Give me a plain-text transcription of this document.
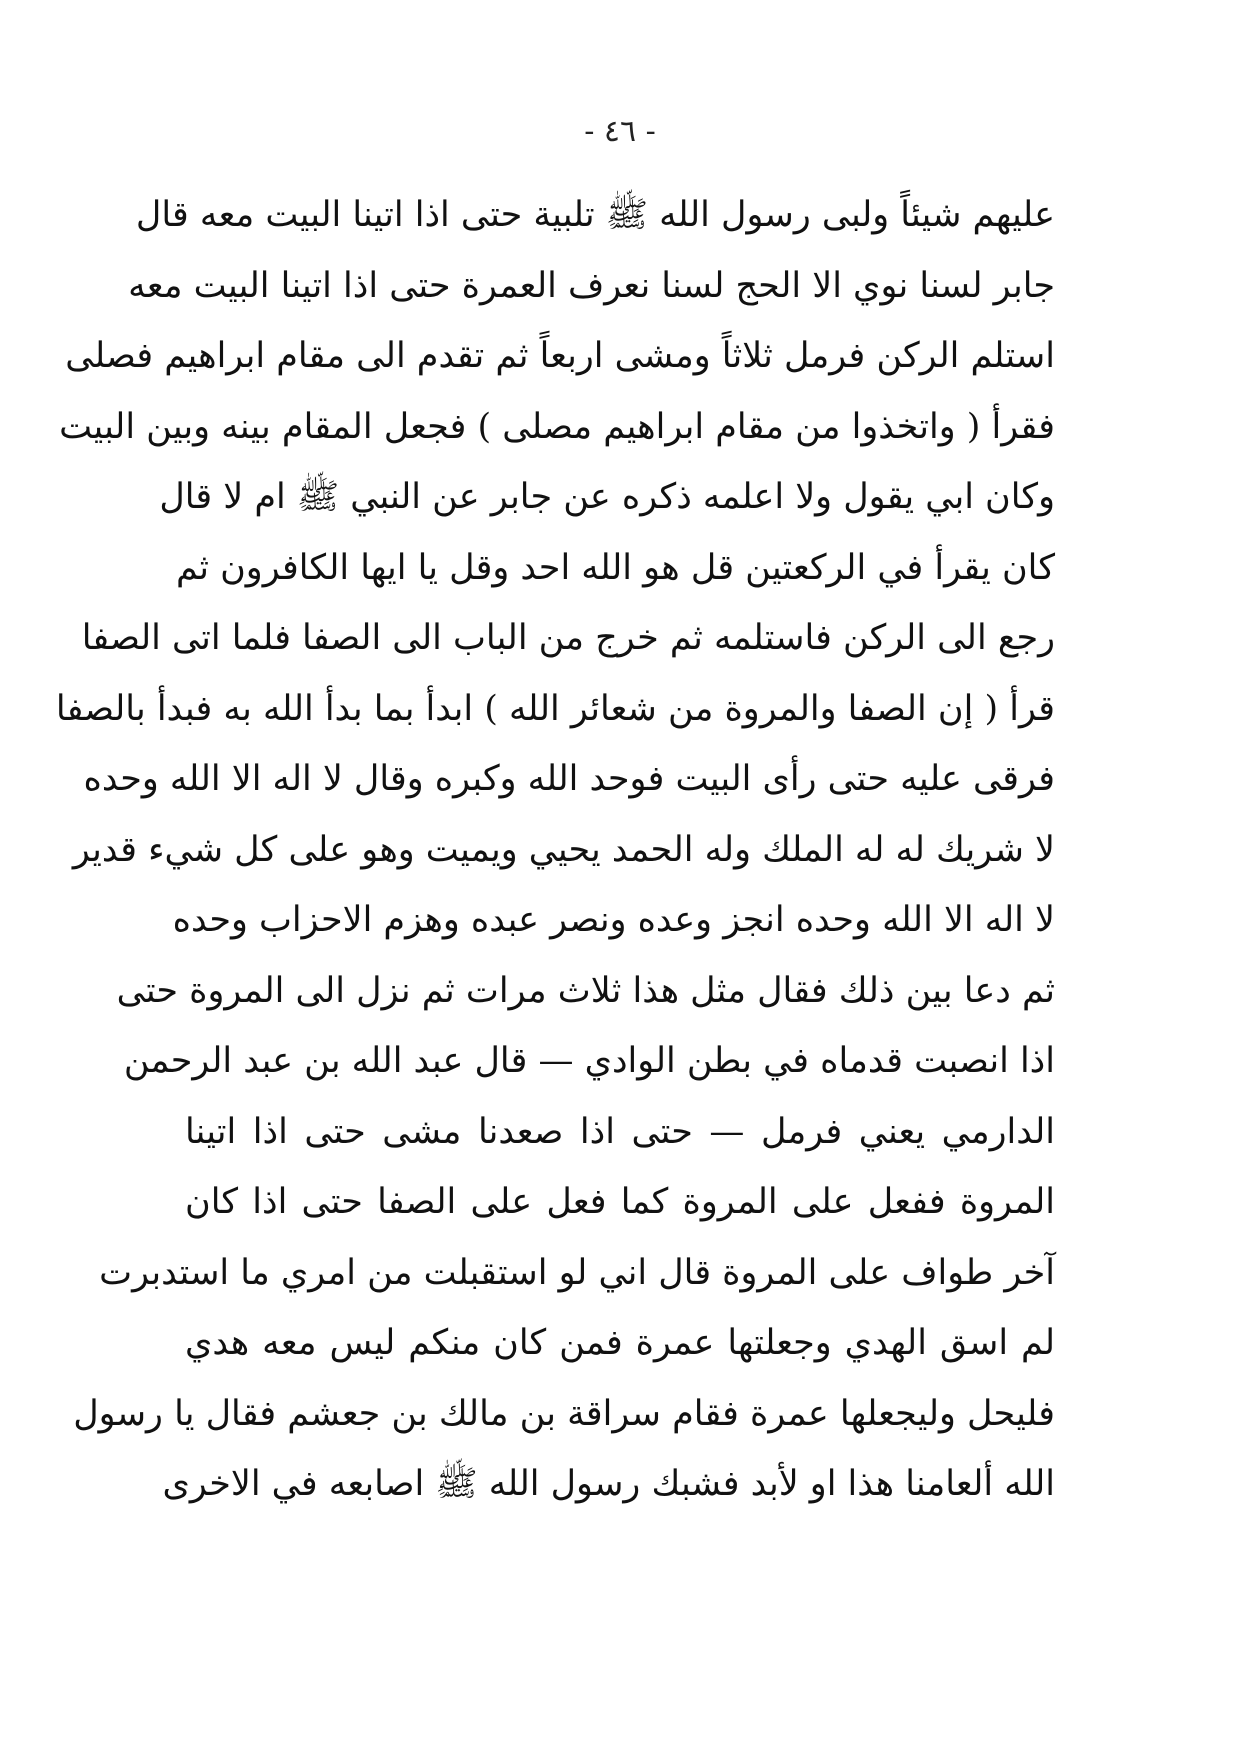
- ٤٦ -
عليهم شيئاً ولبى رسول الله ﷺ تلبية حتى اذا اتينا البيت معه قال
جابر لسنا نوي الا الحج لسنا نعرف العمرة حتى اذا اتينا البيت معه
استلم الركن فرمل ثلاثاً ومشى اربعاً ثم تقدم الى مقام ابراهيم فصلى
فقرأ ( واتخذوا من مقام ابراهيم مصلى ) فجعل المقام بينه وبين البيت
وكان ابي يقول ولا اعلمه ذكره عن جابر عن النبي ﷺ ام لا قال
كان يقرأ في الركعتين قل هو الله احد وقل يا ايها الكافرون ثم
رجع الى الركن فاستلمه ثم خرج من الباب الى الصفا فلما اتى الصفا
قرأ ( إن الصفا والمروة من شعائر الله ) ابدأ بما بدأ الله به فبدأ بالصفا
فرقى عليه حتى رأى البيت فوحد الله وكبره وقال لا اله الا الله وحده
لا شريك له له الملك وله الحمد يحيي ويميت وهو على كل شيء قدير
لا اله الا الله وحده انجز وعده ونصر عبده وهزم الاحزاب وحده
ثم دعا بين ذلك فقال مثل هذا ثلاث مرات ثم نزل الى المروة حتى
اذا انصبت قدماه في بطن الوادي — قال عبد الله بن عبد الرحمن
الدارمي يعني فرمل — حتى اذا صعدنا مشى حتى اذا اتينا
المروة ففعل على المروة كما فعل على الصفا حتى اذا كان
آخر طواف على المروة قال اني لو استقبلت من امري ما استدبرت
لم اسق الهدي وجعلتها عمرة فمن كان منكم ليس معه هدي
فليحل وليجعلها عمرة فقام سراقة بن مالك بن جعشم فقال يا رسول
الله ألعامنا هذا او لأبد فشبك رسول الله ﷺ اصابعه في الاخرى
